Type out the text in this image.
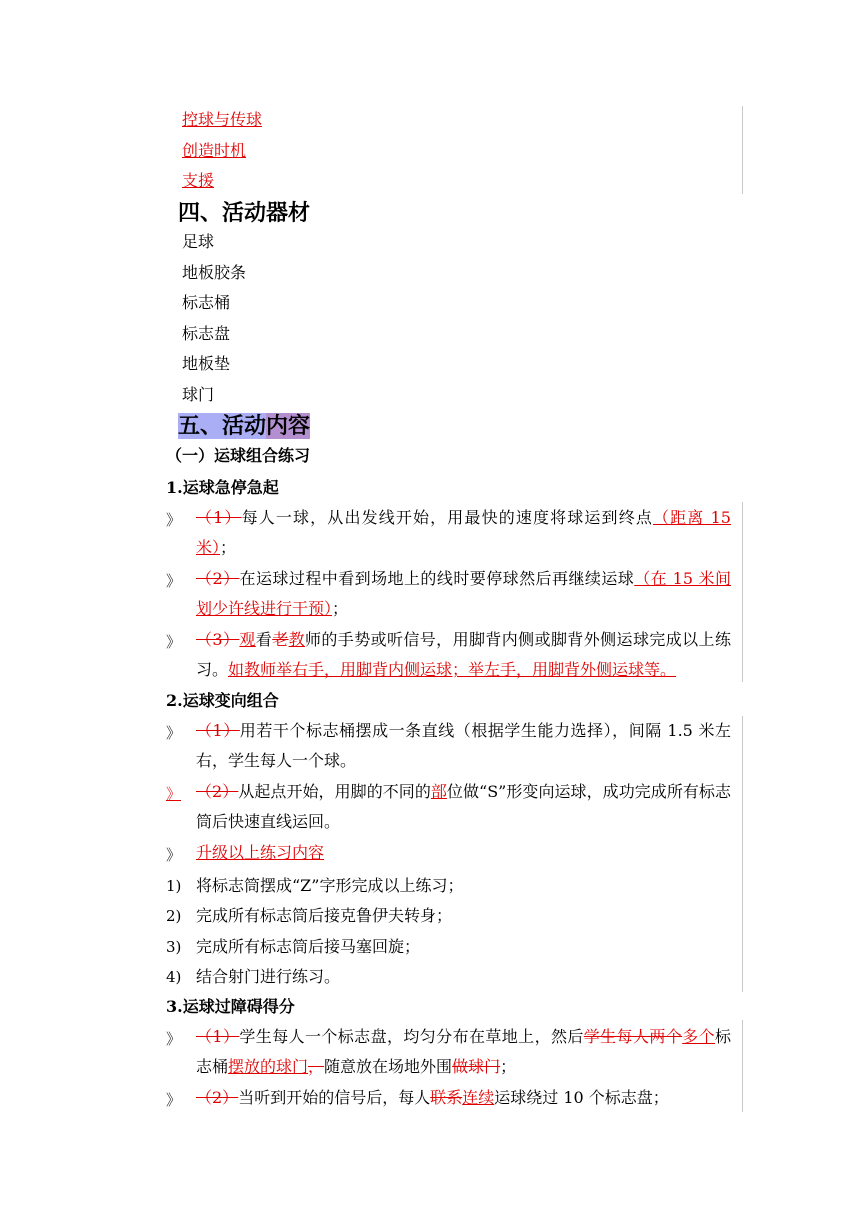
控球与传球
创造时机
支援
四、活动器材
足球
地板胶条
标志桶
标志盘
地板垫
球门
五、活动内容
（一）运球组合练习
1.运球急停急起
》 （1）每人一球，从出发线开始，用最快的速度将球运到终点（距离 15 米）；
》 （2）在运球过程中看到场地上的线时要停球然后再继续运球（在 15 米间划少许线进行干预）；
》 （3）观看老教师的手势或听信号，用脚背内侧或脚背外侧运球完成以上练习。如教师举右手，用脚背内侧运球；举左手，用脚背外侧运球等。
2.运球变向组合
》 （1）用若干个标志桶摆成一条直线（根据学生能力选择），间隔 1.5 米左右，学生每人一个球。
》 （2）从起点开始，用脚的不同的部位做“S”形变向运球，成功完成所有标志筒后快速直线运回。
》 升级以上练习内容
1) 将标志筒摆成“Z”字形完成以上练习；
2) 完成所有标志筒后接克鲁伊夫转身；
3) 完成所有标志筒后接马塞回旋；
4) 结合射门进行练习。
3.运球过障碍得分
》 （1）学生每人一个标志盘，均匀分布在草地上，然后学生每人两个多个标志桶摆放的球门，随意放在场地外围做球门；
》 （2）当听到开始的信号后，每人联系连续运球绕过 10 个标志盘；
